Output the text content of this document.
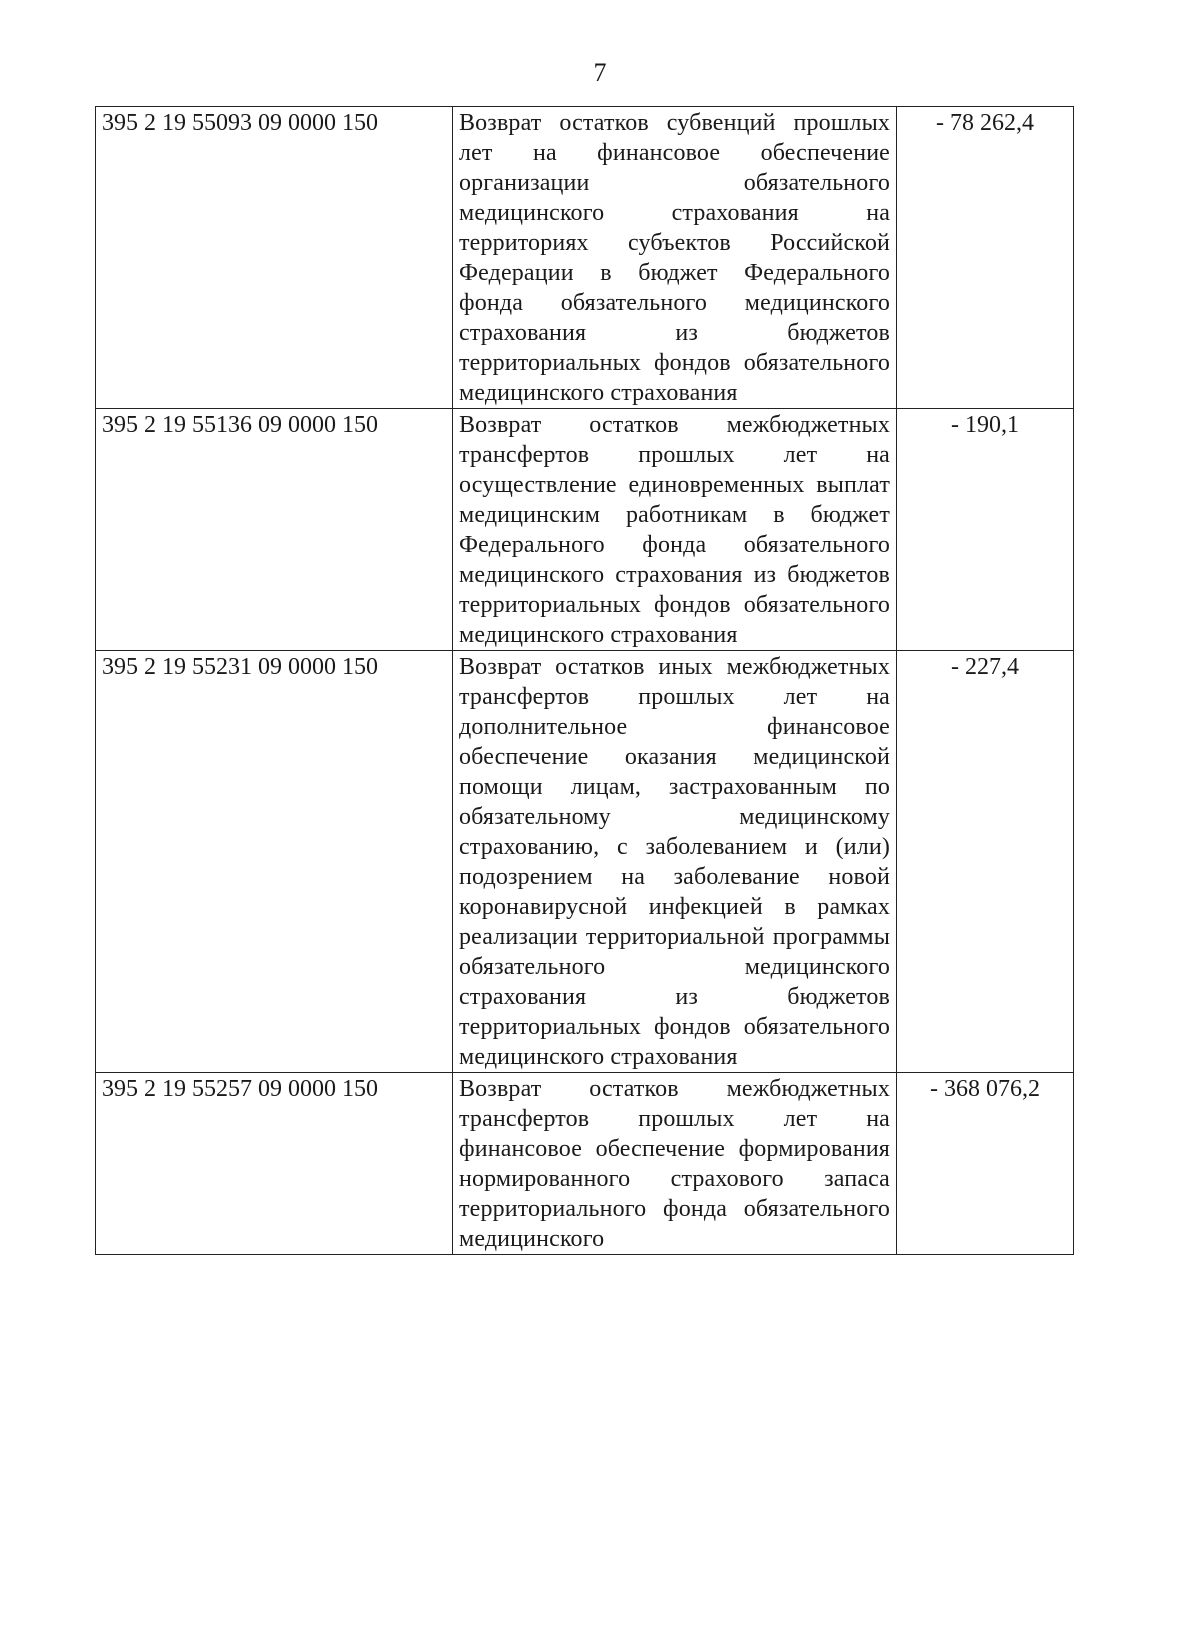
7
395 2 19 55093 09 0000 150	Возврат остатков субвенций прошлых лет на финансовое обеспечение организации обязательного медицинского страхования на территориях субъектов Российской Федерации в бюджет Федерального фонда обязательного медицинского страхования из бюджетов территориальных фондов обязательного медицинского страхования	- 78 262,4
395 2 19 55136 09 0000 150	Возврат остатков межбюджетных трансфертов прошлых лет на осуществление единовременных выплат медицинским работникам в бюджет Федерального фонда обязательного медицинского страхования из бюджетов территориальных фондов обязательного медицинского страхования	- 190,1
395 2 19 55231 09 0000 150	Возврат остатков иных межбюджетных трансфертов прошлых лет на дополнительное финансовое обеспечение оказания медицинской помощи лицам, застрахованным по обязательному медицинскому страхованию, с заболеванием и (или) подозрением на заболевание новой коронавирусной инфекцией в рамках реализации территориальной программы обязательного медицинского страхования из бюджетов территориальных фондов обязательного медицинского страхования	- 227,4
395 2 19 55257 09 0000 150	Возврат остатков межбюджетных трансфертов прошлых лет на финансовое обеспечение формирования нормированного страхового запаса территориального фонда обязательного медицинского	- 368 076,2
